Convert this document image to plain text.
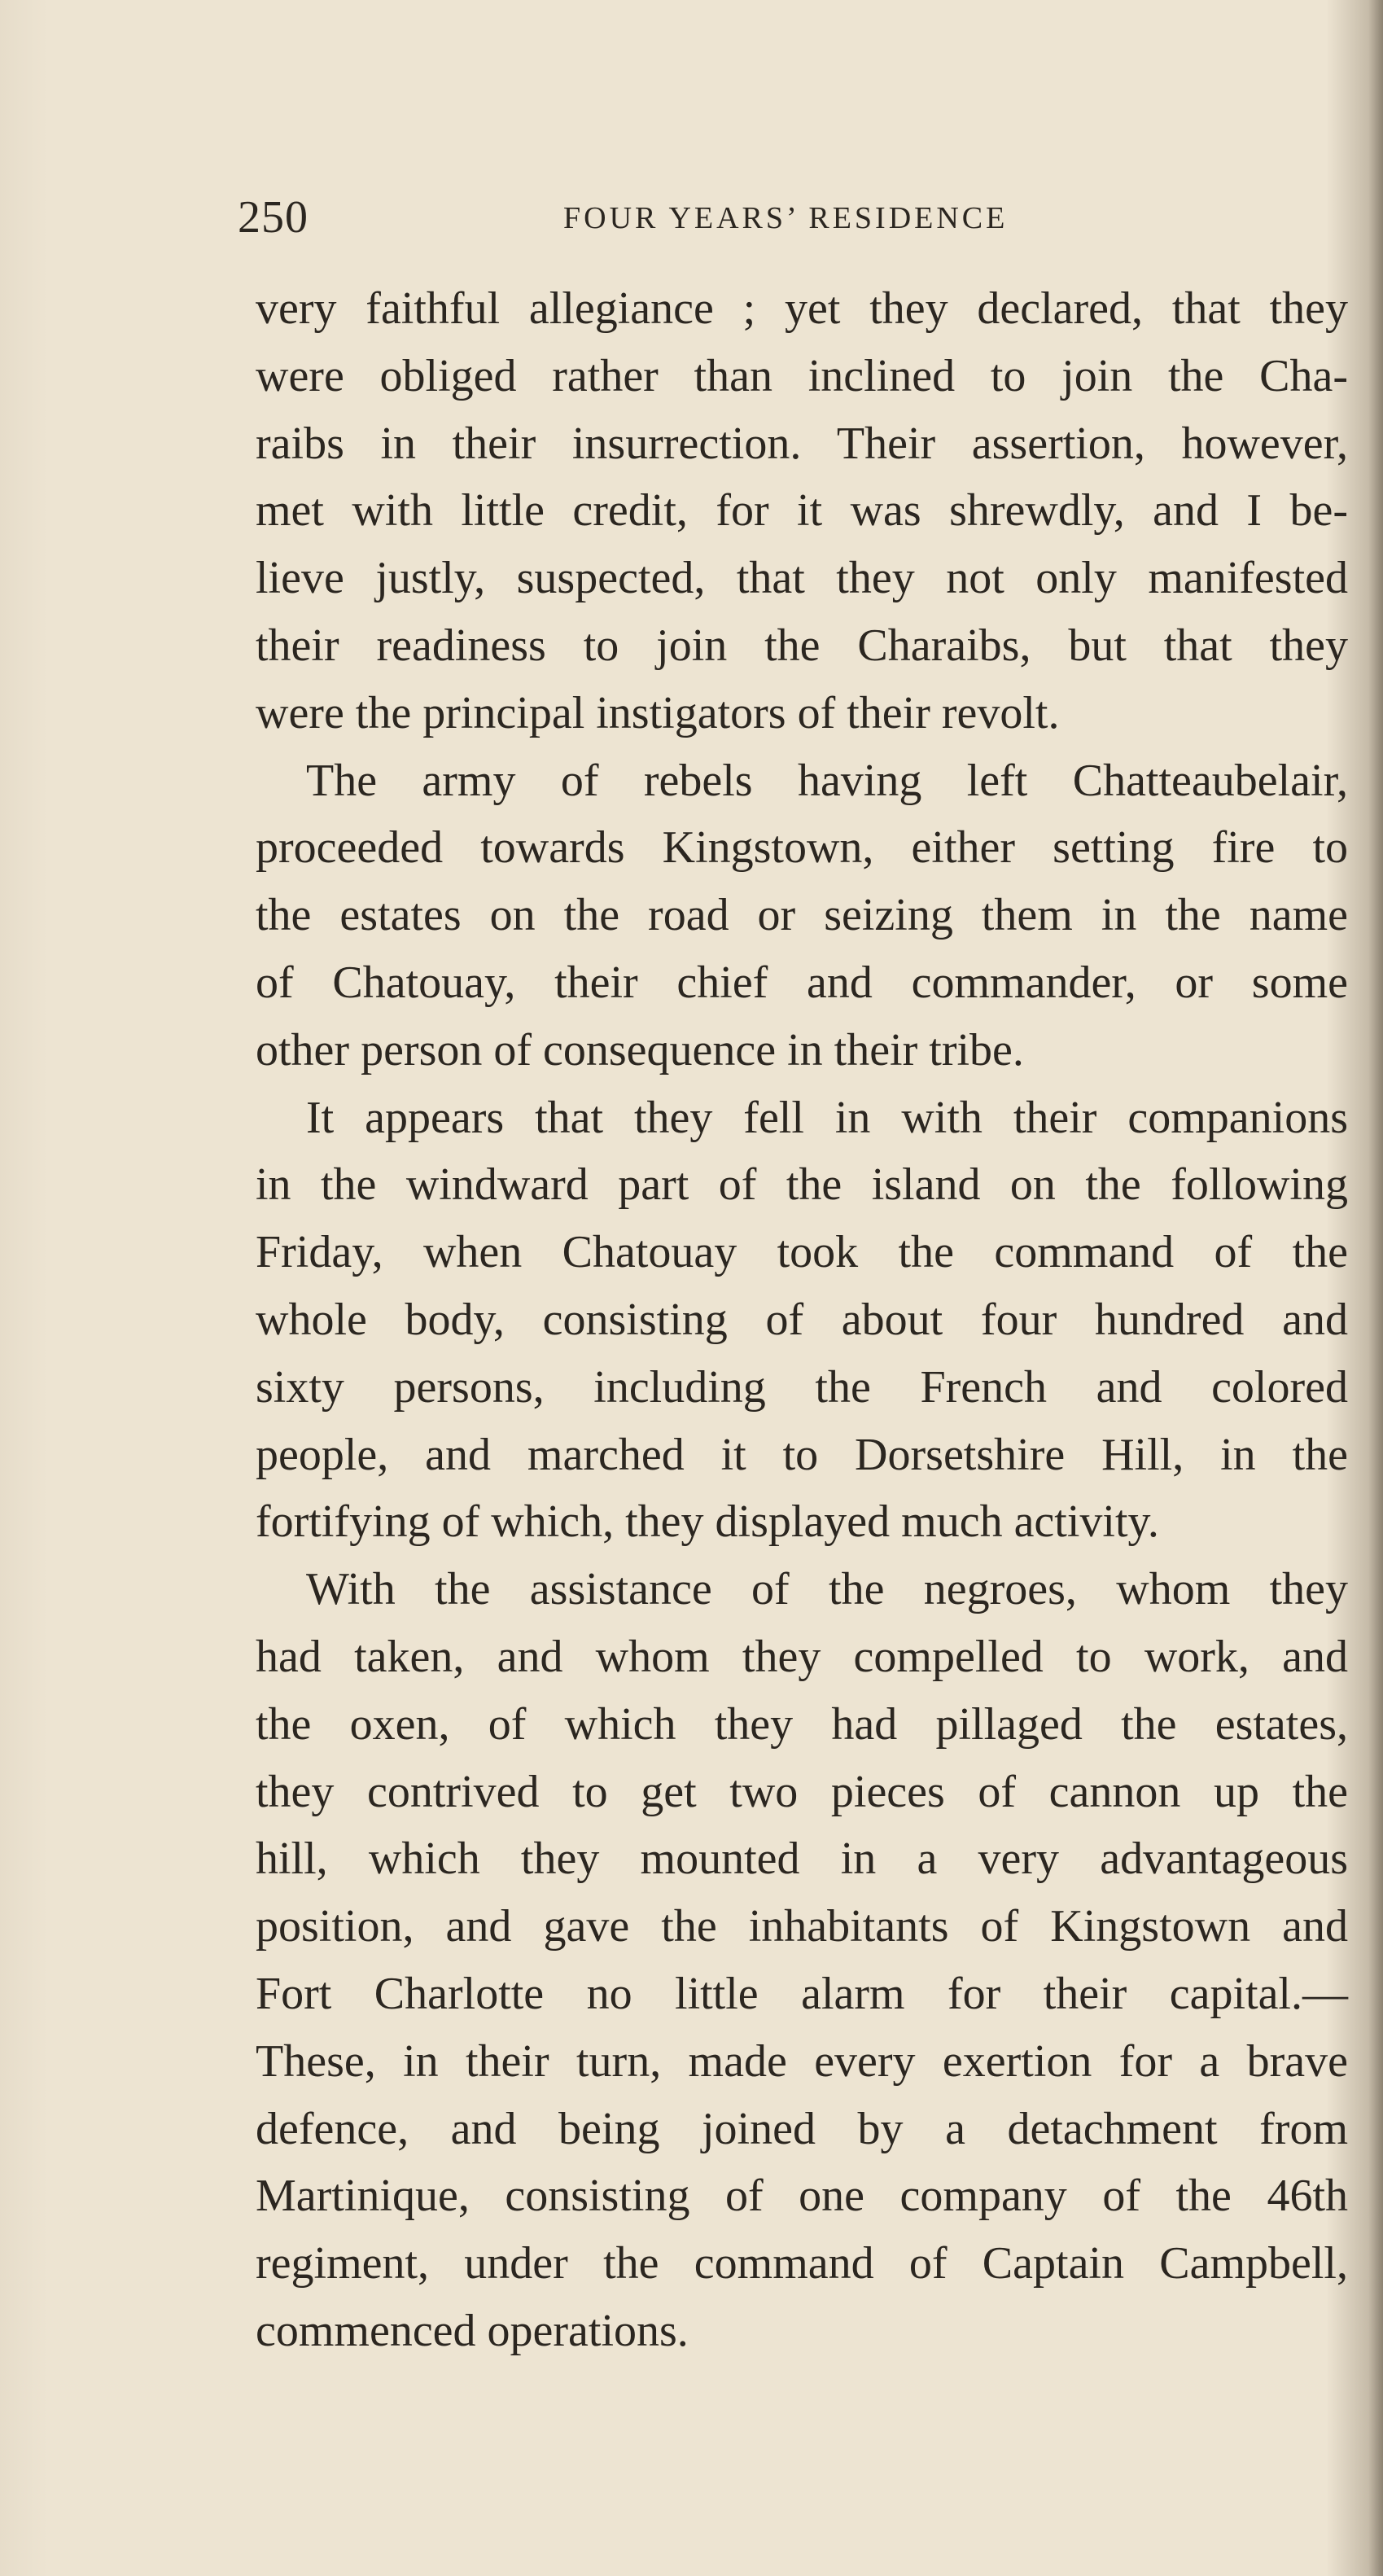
250	FOUR YEARS’ RESIDENCE
very faithful allegiance ; yet they declared, that they
were obliged rather than inclined to join the Cha-
raibs in their insurrection. Their assertion, however,
met with little credit, for it was shrewdly, and I be-
lieve justly, suspected, that they not only manifested
their readiness to join the Charaibs, but that they
were the principal instigators of their revolt.
The army of rebels having left Chatteaubelair,
proceeded towards Kingstown, either setting fire to
the estates on the road or seizing them in the name
of Chatouay, their chief and commander, or some
other person of consequence in their tribe.
It appears that they fell in with their companions
in the windward part of the island on the following
Friday, when Chatouay took the command of the
whole body, consisting of about four hundred and
sixty persons, including the French and colored
people, and marched it to Dorsetshire Hill, in the
fortifying of which, they displayed much activity.
With the assistance of the negroes, whom they
had taken, and whom they compelled to work, and
the oxen, of which they had pillaged the estates,
they contrived to get two pieces of cannon up the
hill, which they mounted in a very advantageous
position, and gave the inhabitants of Kingstown and
Fort Charlotte no little alarm for their capital.—
These, in their turn, made every exertion for a brave
defence, and being joined by a detachment from
Martinique, consisting of one company of the 46th
regiment, under the command of Captain Campbell,
commenced operations.
